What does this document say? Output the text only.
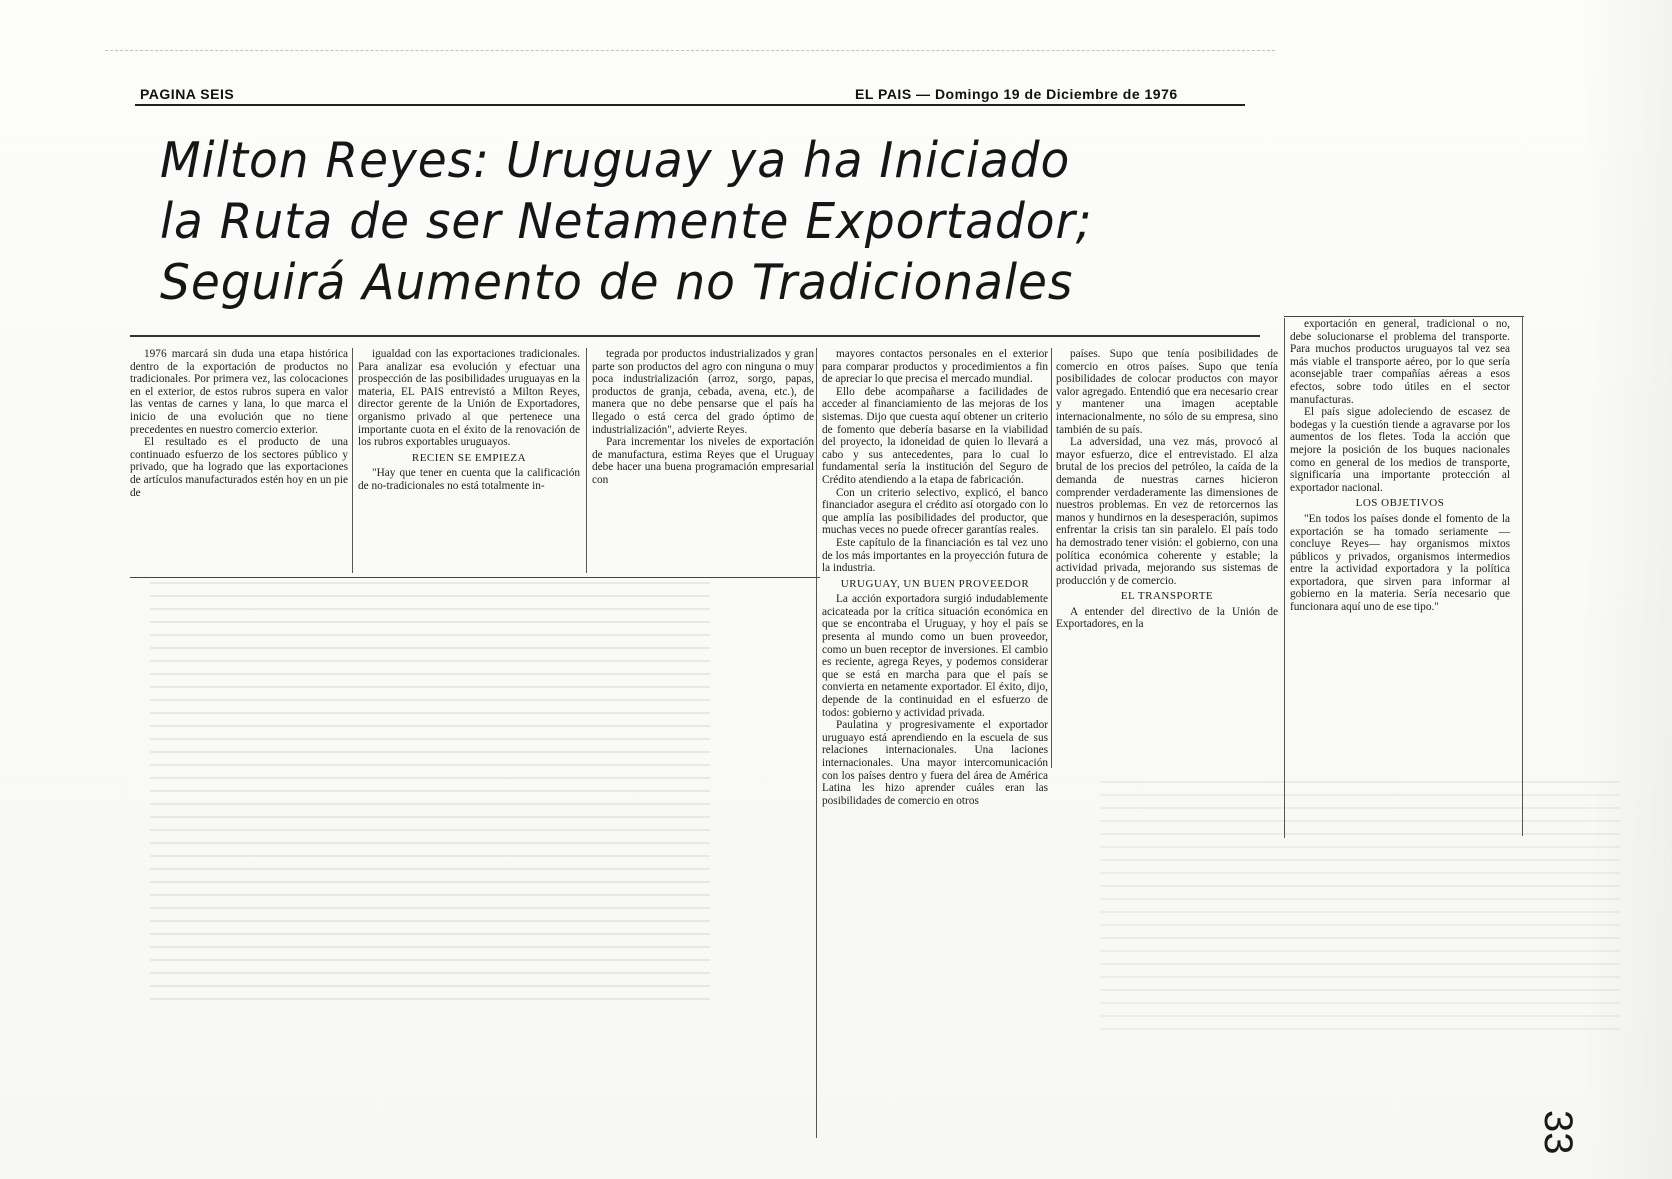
PAGINA SEIS	EL PAIS — Domingo 19 de Diciembre de 1976
Milton Reyes: Uruguay ya ha Iniciado
la Ruta de ser Netamente Exportador;
Seguirá Aumento de no Tradicionales

1976 marcará sin duda una etapa histórica dentro de la exportación de productos no tradicionales. Por primera vez, las colocaciones en el exterior, de estos rubros supera en valor las ventas de carnes y lana, lo que marca el inicio de una evolución que no tiene precedentes en nuestro comercio exterior.

El resultado es el producto de una continuado esfuerzo de los sectores público y privado, que ha logrado que las exportaciones de artículos manufacturados estén hoy en un pie de

igualdad con las exportaciones tradicionales. Para analizar esa evolución y efectuar una prospección de las posibilidades uruguayas en la materia, EL PAIS entrevistó a Milton Reyes, director gerente de la Unión de Exportadores, organismo privado al que pertenece una importante cuota en el éxito de la renovación de los rubros exportables uruguayos.

RECIEN SE EMPIEZA

"Hay que tener en cuenta que la calificación de no-tradicionales no está totalmente in-

tegrada por productos industrializados y gran parte son productos del agro con ninguna o muy poca industrialización (arroz, sorgo, papas, productos de granja, cebada, avena, etc.), de manera que no debe pensarse que el país ha llegado o está cerca del grado óptimo de industrialización", advierte Reyes.

Para incrementar los niveles de exportación de manufactura, estima Reyes que el Uruguay debe hacer una buena programación empresarial con

mayores contactos personales en el exterior para comparar productos y procedimientos a fin de apreciar lo que precisa el mercado mundial.

Ello debe acompañarse a facilidades de acceder al financiamiento de las mejoras de los sistemas. Dijo que cuesta aquí obtener un criterio de fomento que debería basarse en la viabilidad del proyecto, la idoneidad de quien lo llevará a cabo y sus antecedentes, para lo cual lo fundamental sería la institución del Seguro de Crédito atendiendo a la etapa de fabricación.

Con un criterio selectivo, explicó, el banco financiador asegura el crédito así otorgado con lo que amplía las posibilidades del productor, que muchas veces no puede ofrecer garantías reales.

Este capítulo de la financiación es tal vez uno de los más importantes en la proyección futura de la industria.

URUGUAY, UN BUEN PROVEEDOR

La acción exportadora surgió indudablemente acicateada por la crítica situación económica en que se encontraba el Uruguay, y hoy el país se presenta al mundo como un buen proveedor, como un buen receptor de inversiones. El cambio es reciente, agrega Reyes, y podemos considerar que se está en marcha para que el país se convierta en netamente exportador. El éxito, dijo, depende de la continuidad en el esfuerzo de todos: gobierno y actividad privada.

Paulatina y progresivamente el exportador uruguayo está aprendiendo en la escuela de sus relaciones internacionales. Una laciones internacionales. Una mayor intercomunicación con los países dentro y fuera del área de América Latina les hizo aprender cuáles eran las posibilidades de comercio en otros

países. Supo que tenía posibilidades de comercio en otros países. Supo que tenía posibilidades de colocar productos con mayor valor agregado. Entendió que era necesario crear y mantener una imagen aceptable internacionalmente, no sólo de su empresa, sino también de su país.

La adversidad, una vez más, provocó al mayor esfuerzo, dice el entrevistado. El alza brutal de los precios del petróleo, la caída de la demanda de nuestras carnes hicieron comprender verdaderamente las dimensiones de nuestros problemas. En vez de retorcernos las manos y hundirnos en la desesperación, supimos enfrentar la crisis tan sin paralelo. El país todo ha demostrado tener visión: el gobierno, con una política económica coherente y estable; la actividad privada, mejorando sus sistemas de producción y de comercio.

EL TRANSPORTE

A entender del directivo de la Unión de Exportadores, en la

exportación en general, tradicional o no, debe solucionarse el problema del transporte. Para muchos productos uruguayos tal vez sea más viable el transporte aéreo, por lo que sería aconsejable traer compañías aéreas a esos efectos, sobre todo útiles en el sector manufacturas.

El país sigue adoleciendo de escasez de bodegas y la cuestión tiende a agravarse por los aumentos de los fletes. Toda la acción que mejore la posición de los buques nacionales como en general de los medios de transporte, significaría una importante protección al exportador nacional.

LOS OBJETIVOS

"En todos los países donde el fomento de la exportación se ha tomado seriamente —concluye Reyes— hay organismos mixtos públicos y privados, organismos intermedios entre la actividad exportadora y la política exportadora, que sirven para informar al gobierno en la materia. Sería necesario que funcionara aquí uno de ese tipo."

33
